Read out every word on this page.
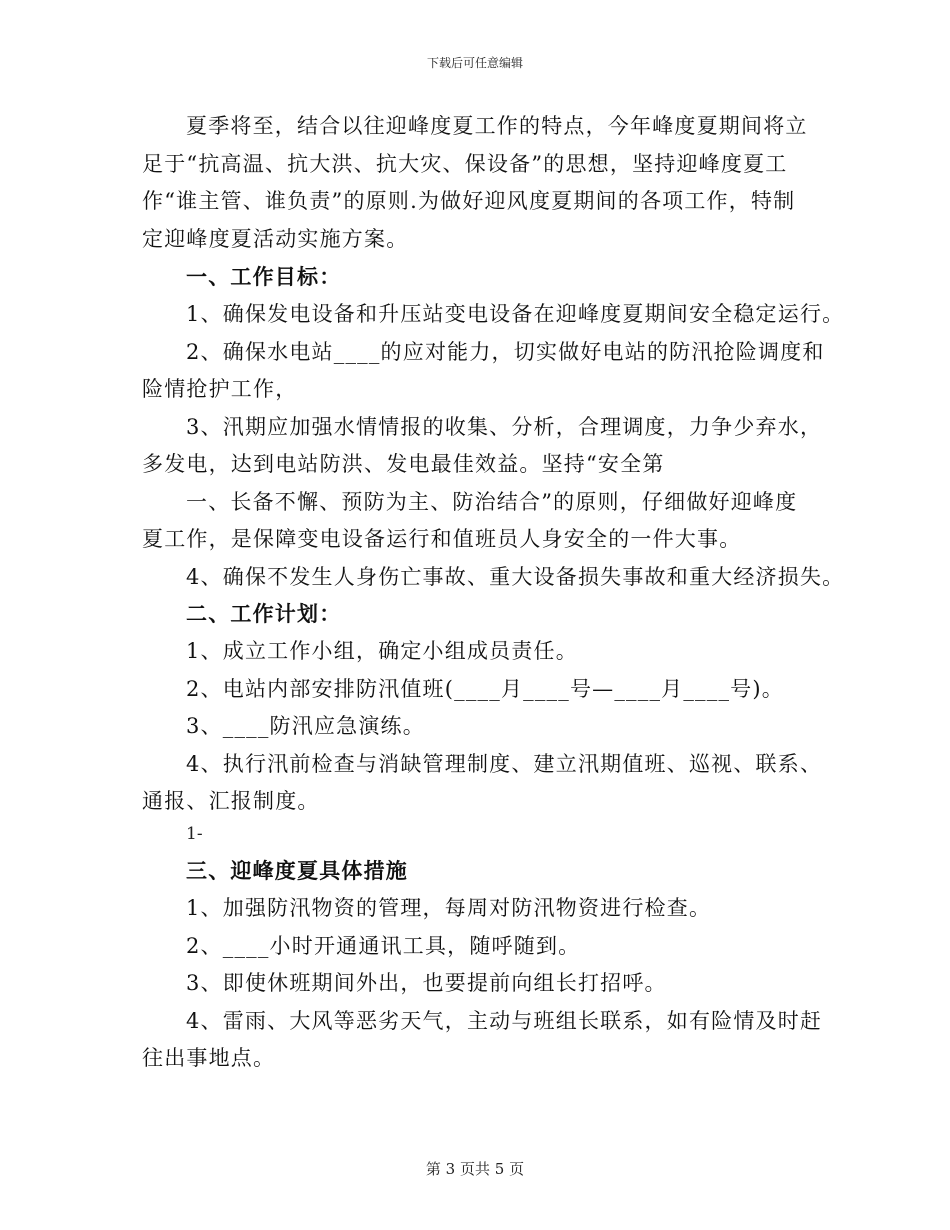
下载后可任意编辑
夏季将至，结合以往迎峰度夏工作的特点，今年峰度夏期间将立
足于“抗高温、抗大洪、抗大灾、保设备”的思想，坚持迎峰度夏工
作“谁主管、谁负责”的原则.为做好迎风度夏期间的各项工作，特制
定迎峰度夏活动实施方案。
一、工作目标：
1、确保发电设备和升压站变电设备在迎峰度夏期间安全稳定运行。
2、确保水电站____的应对能力，切实做好电站的防汛抢险调度和
险情抢护工作，
3、汛期应加强水情情报的收集、分析，合理调度，力争少弃水，
多发电，达到电站防洪、发电最佳效益。坚持“安全第
一、长备不懈、预防为主、防治结合”的原则，仔细做好迎峰度
夏工作，是保障变电设备运行和值班员人身安全的一件大事。
4、确保不发生人身伤亡事故、重大设备损失事故和重大经济损失。
二、工作计划：
1、成立工作小组，确定小组成员责任。
2、电站内部安排防汛值班(____月____号—____月____号)。
3、____防汛应急演练。
4、执行汛前检查与消缺管理制度、建立汛期值班、巡视、联系、
通报、汇报制度。
1-
三、迎峰度夏具体措施
1、加强防汛物资的管理，每周对防汛物资进行检查。
2、____小时开通通讯工具，随呼随到。
3、即使休班期间外出，也要提前向组长打招呼。
4、雷雨、大风等恶劣天气，主动与班组长联系，如有险情及时赶
往出事地点。
第 3 页共 5 页
